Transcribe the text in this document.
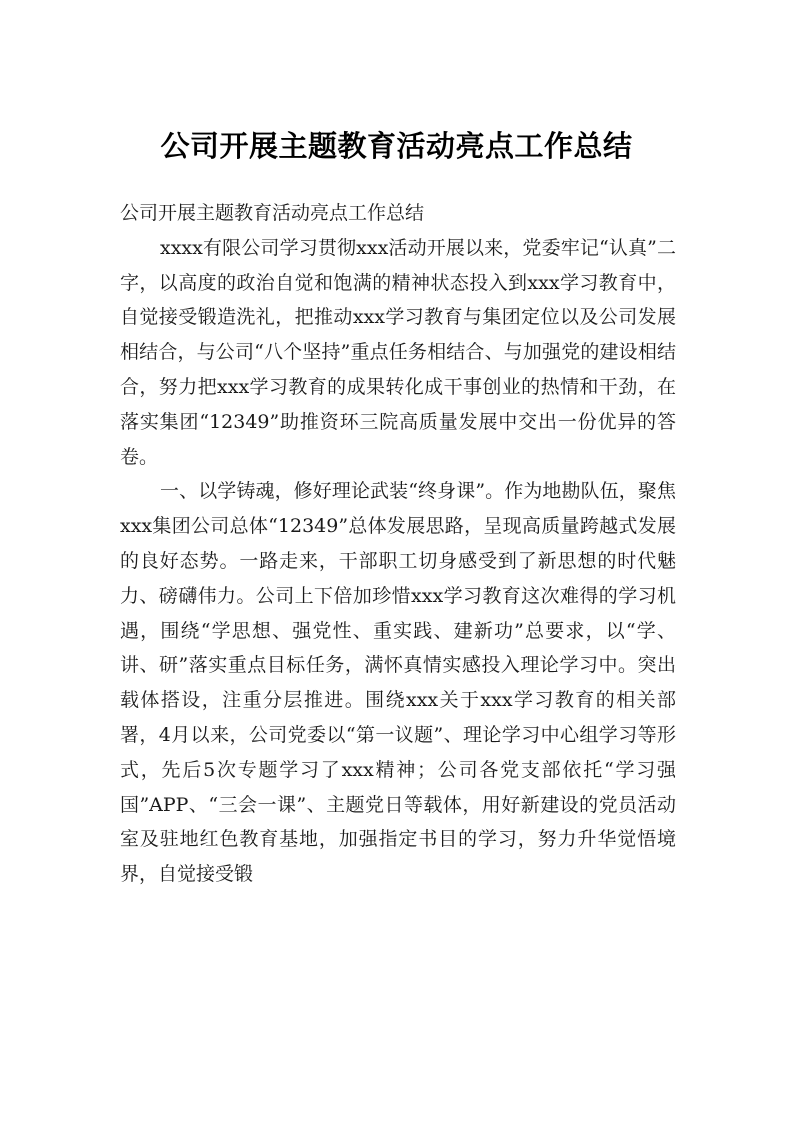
公司开展主题教育活动亮点工作总结

公司开展主题教育活动亮点工作总结

xxxx有限公司学习贯彻xxx活动开展以来，党委牢记“认真”二字，以高度的政治自觉和饱满的精神状态投入到xxx学习教育中，自觉接受锻造洗礼，把推动xxx学习教育与集团定位以及公司发展相结合，与公司“八个坚持”重点任务相结合、与加强党的建设相结合，努力把xxx学习教育的成果转化成干事创业的热情和干劲，在落实集团“12349”助推资环三院高质量发展中交出一份优异的答卷。

一、以学铸魂，修好理论武装“终身课”。作为地勘队伍，聚焦xxx集团公司总体“12349”总体发展思路，呈现高质量跨越式发展的良好态势。一路走来，干部职工切身感受到了新思想的时代魅力、磅礴伟力。公司上下倍加珍惜xxx学习教育这次难得的学习机遇，围绕“学思想、强党性、重实践、建新功”总要求，以“学、讲、研”落实重点目标任务，满怀真情实感投入理论学习中。突出载体搭设，注重分层推进。围绕xxx关于xxx学习教育的相关部署，4月以来，公司党委以“第一议题”、理论学习中心组学习等形式，先后5次专题学习了xxx精神；公司各党支部依托“学习强国”APP、“三会一课”、主题党日等载体，用好新建设的党员活动室及驻地红色教育基地，加强指定书目的学习，努力升华觉悟境界，自觉接受锻
